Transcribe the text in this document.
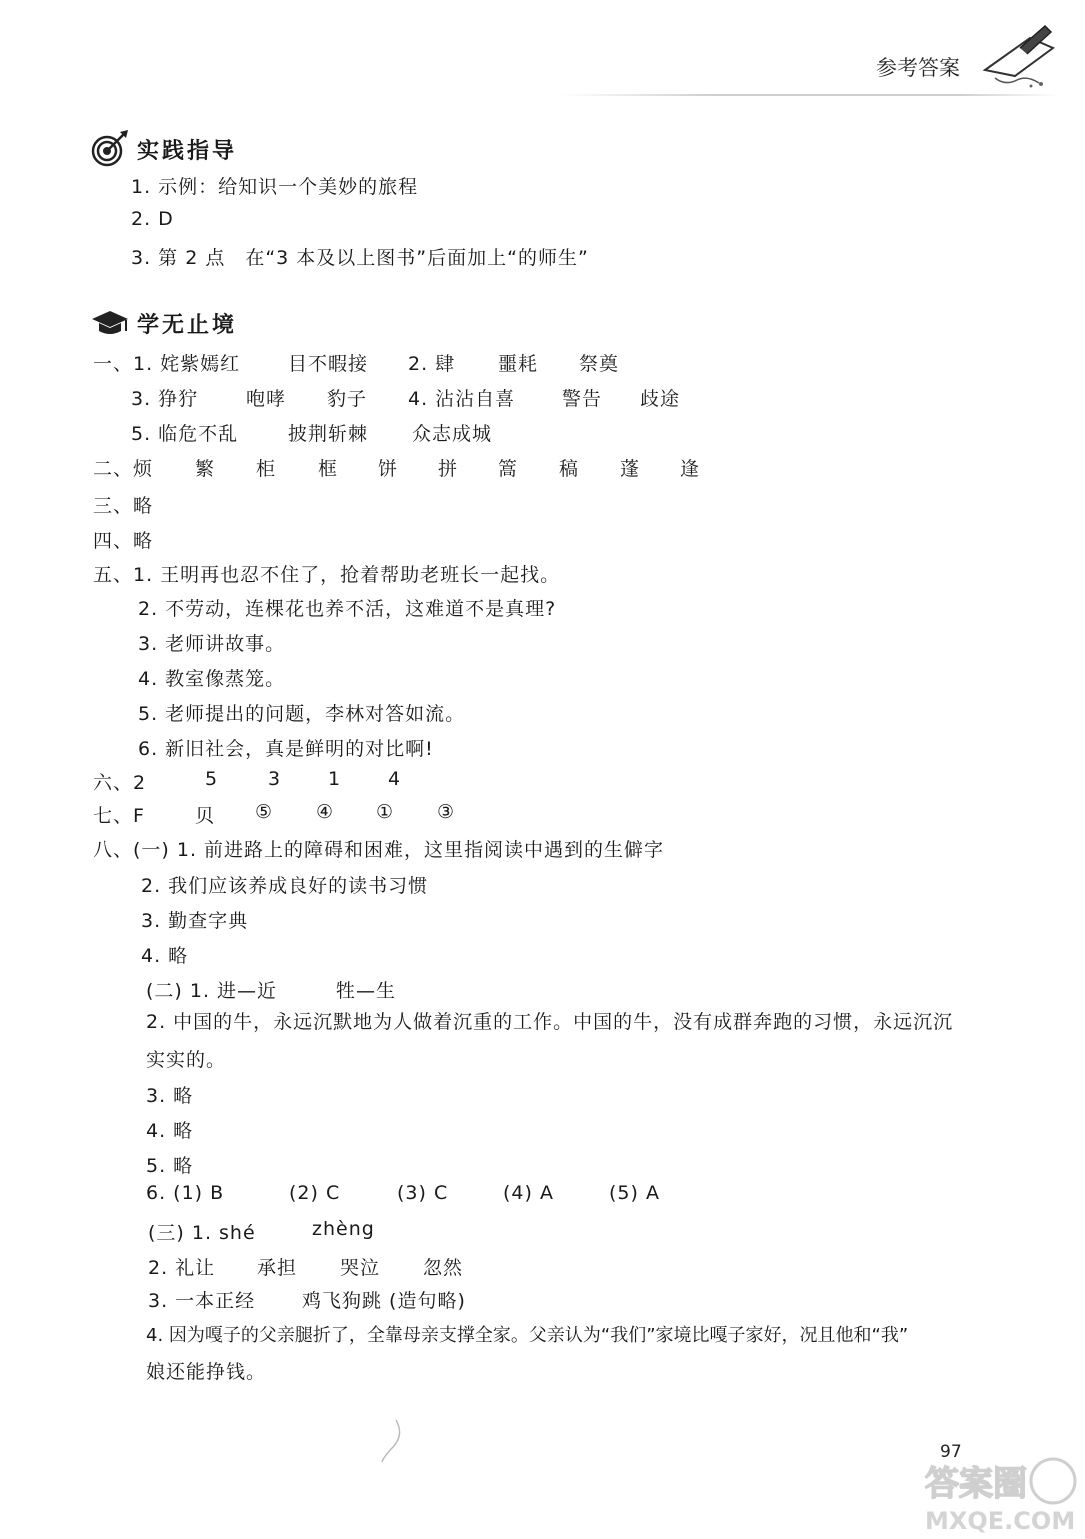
参考答案
实践指导
1. 示例：给知识一个美妙的旅程
2. D
3. 第 2 点　在“3 本及以上图书”后面加上“的师生”
学无止境
一、1. 姹紫嫣红	目不暇接 2. 肆 噩耗 祭奠
3. 狰狞	咆哮 豹子 4. 沾沾自喜 警告 歧途
5. 临危不乱	披荆斩棘 众志成城
二、烦 繁 柜 框 饼 拼 篙 稿 蓬 逢
三、略
四、略
五、1. 王明再也忍不住了，抢着帮助老班长一起找。
2. 不劳动，连棵花也养不活，这难道不是真理?
3. 老师讲故事。
4. 教室像蒸笼。
5. 老师提出的问题，李林对答如流。
6. 新旧社会，真是鲜明的对比啊!
六、2	5	3 1 4
七、F	贝 ⑤ ④ ① ③
八、(一) 1. 前进路上的障碍和困难，这里指阅读中遇到的生僻字
2. 我们应该养成良好的读书习惯
3. 勤查字典
4. 略
(二) 1. 进—近	牲—生
2. 中国的牛，永远沉默地为人做着沉重的工作。中国的牛，没有成群奔跑的习惯，永远沉沉
实实的。
3. 略
4. 略
5. 略
6. (1) B	(2) C	(3) C	(4) A	(5) A
(三) 1. shé	zhèng
2. 礼让 承担 哭泣 忽然
3. 一本正经 鸡飞狗跳 (造句略)
4. 因为嘎子的父亲腿折了，全靠母亲支撑全家。父亲认为“我们”家境比嘎子家好，况且他和“我”
娘还能挣钱。
97
答案圈
MXQE.COM
